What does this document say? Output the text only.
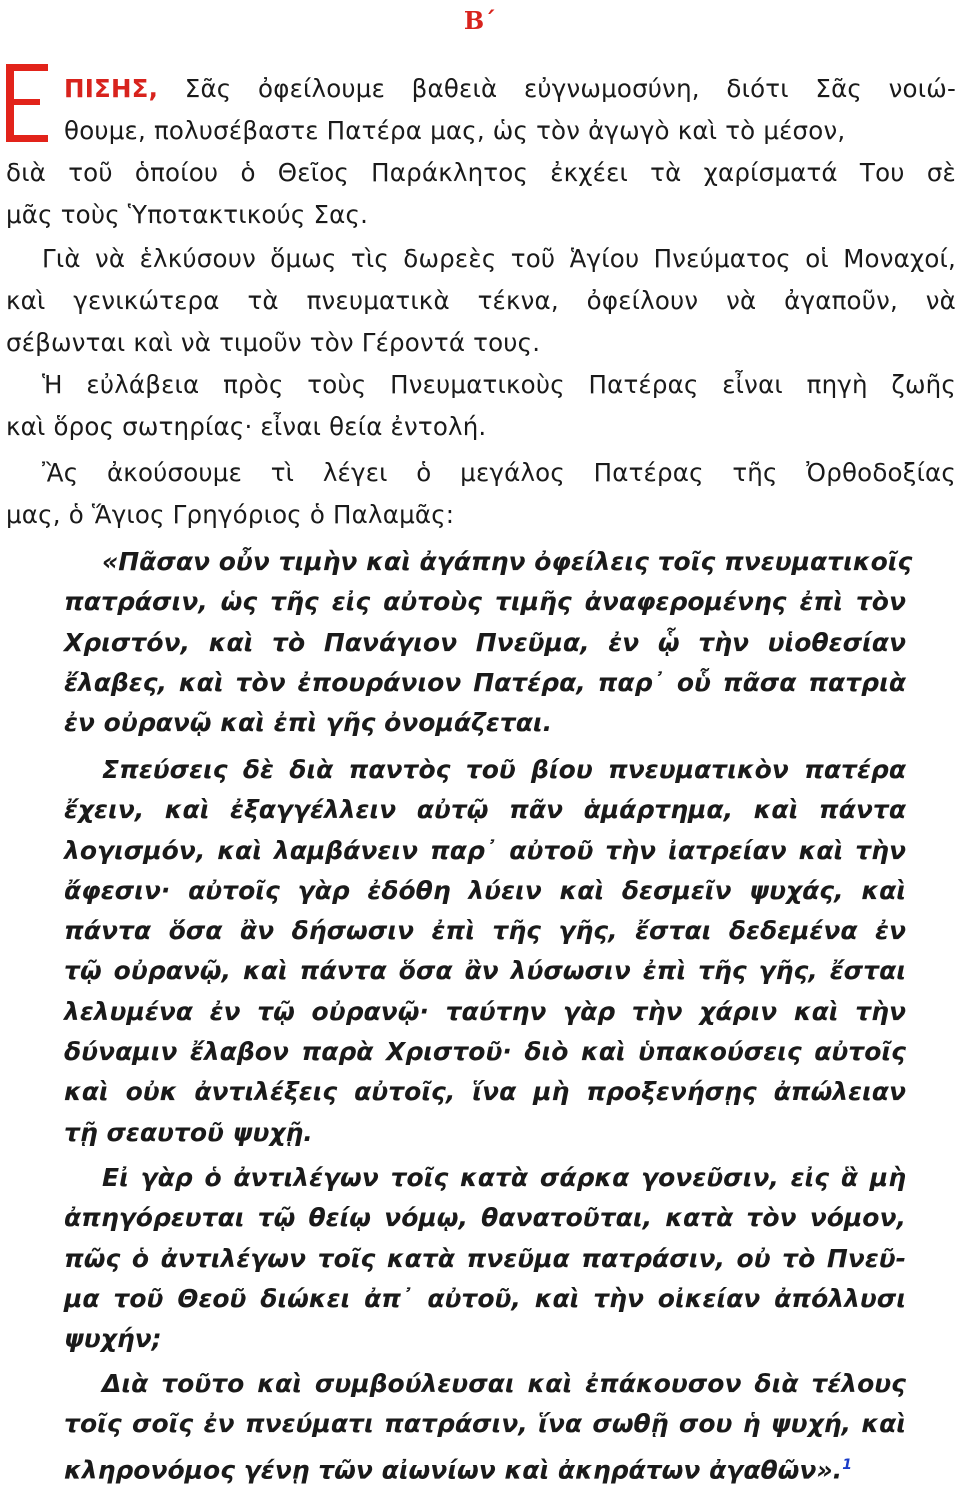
Β΄
ΠΙΣΗΣ, Σᾶς ὀφείλουμε βαθειὰ εὐγνωμοσύνη, διότι Σᾶς νοιώ-
θουμε, πολυσέβαστε Πατέρα μας, ὡς τὸν ἀγωγὸ καὶ τὸ μέσον,
διὰ τοῦ ὁποίου ὁ Θεῖος Παράκλητος ἐκχέει τὰ χαρίσματά Του σὲ
μᾶς τοὺς Ὑποτακτικούς Σας.
Γιὰ νὰ ἑλκύσουν ὅμως τὶς δωρεὲς τοῦ Ἁγίου Πνεύματος οἱ Μοναχοί,
καὶ γενικώτερα τὰ πνευματικὰ τέκνα, ὀφείλουν νὰ ἀγαποῦν, νὰ
σέβωνται καὶ νὰ τιμοῦν τὸν Γέροντά τους.
Ἡ εὐλάβεια πρὸς τοὺς Πνευματικοὺς Πατέρας εἶναι πηγὴ ζωῆς
καὶ ὅρος σωτηρίας· εἶναι θεία ἐντολή.
Ἂς ἀκούσουμε τὶ λέγει ὁ μεγάλος Πατέρας τῆς Ὀρθοδοξίας
μας, ὁ Ἅγιος Γρηγόριος ὁ Παλαμᾶς:
«Πᾶσαν οὖν τιμὴν καὶ ἀγάπην ὀφείλεις τοῖς πνευματικοῖς
πατράσιν, ὡς τῆς εἰς αὐτοὺς τιμῆς ἀναφερομένης ἐπὶ τὸν
Χριστόν, καὶ τὸ Πανάγιον Πνεῦμα, ἐν ᾧ τὴν υἱοθεσίαν
ἔλαβες, καὶ τὸν ἐπουράνιον Πατέρα, παρ᾽ οὗ πᾶσα πατριὰ
ἐν οὐρανῷ καὶ ἐπὶ γῆς ὀνομάζεται.
Σπεύσεις δὲ διὰ παντὸς τοῦ βίου πνευματικὸν πατέρα
ἔχειν, καὶ ἐξαγγέλλειν αὐτῷ πᾶν ἁμάρτημα, καὶ πάντα
λογισμόν, καὶ λαμβάνειν παρ᾽ αὐτοῦ τὴν ἰατρείαν καὶ τὴν
ἄφεσιν· αὐτοῖς γὰρ ἐδόθη λύειν καὶ δεσμεῖν ψυχάς, καὶ
πάντα ὅσα ἂν δήσωσιν ἐπὶ τῆς γῆς, ἔσται δεδεμένα ἐν
τῷ οὐρανῷ, καὶ πάντα ὅσα ἂν λύσωσιν ἐπὶ τῆς γῆς, ἔσται
λελυμένα ἐν τῷ οὐρανῷ· ταύτην γὰρ τὴν χάριν καὶ τὴν
δύναμιν ἔλαβον παρὰ Χριστοῦ· διὸ καὶ ὑπακούσεις αὐτοῖς
καὶ οὐκ ἀντιλέξεις αὐτοῖς, ἵνα μὴ προξενήσῃς ἀπώλειαν
τῇ σεαυτοῦ ψυχῇ.
Εἰ γὰρ ὁ ἀντιλέγων τοῖς κατὰ σάρκα γονεῦσιν, εἰς ἃ μὴ
ἀπηγόρευται τῷ θείῳ νόμῳ, θανατοῦται, κατὰ τὸν νόμον,
πῶς ὁ ἀντιλέγων τοῖς κατὰ πνεῦμα πατράσιν, οὐ τὸ Πνεῦ-
μα τοῦ Θεοῦ διώκει ἀπ᾽ αὐτοῦ, καὶ τὴν οἰκείαν ἀπόλλυσι
ψυχήν;
Διὰ τοῦτο καὶ συμβούλευσαι καὶ ἐπάκουσον διὰ τέλους
τοῖς σοῖς ἐν πνεύματι πατράσιν, ἵνα σωθῇ σου ἡ ψυχή, καὶ
κληρονόμος γένῃ τῶν αἰωνίων καὶ ἀκηράτων ἀγαθῶν».$^1$
